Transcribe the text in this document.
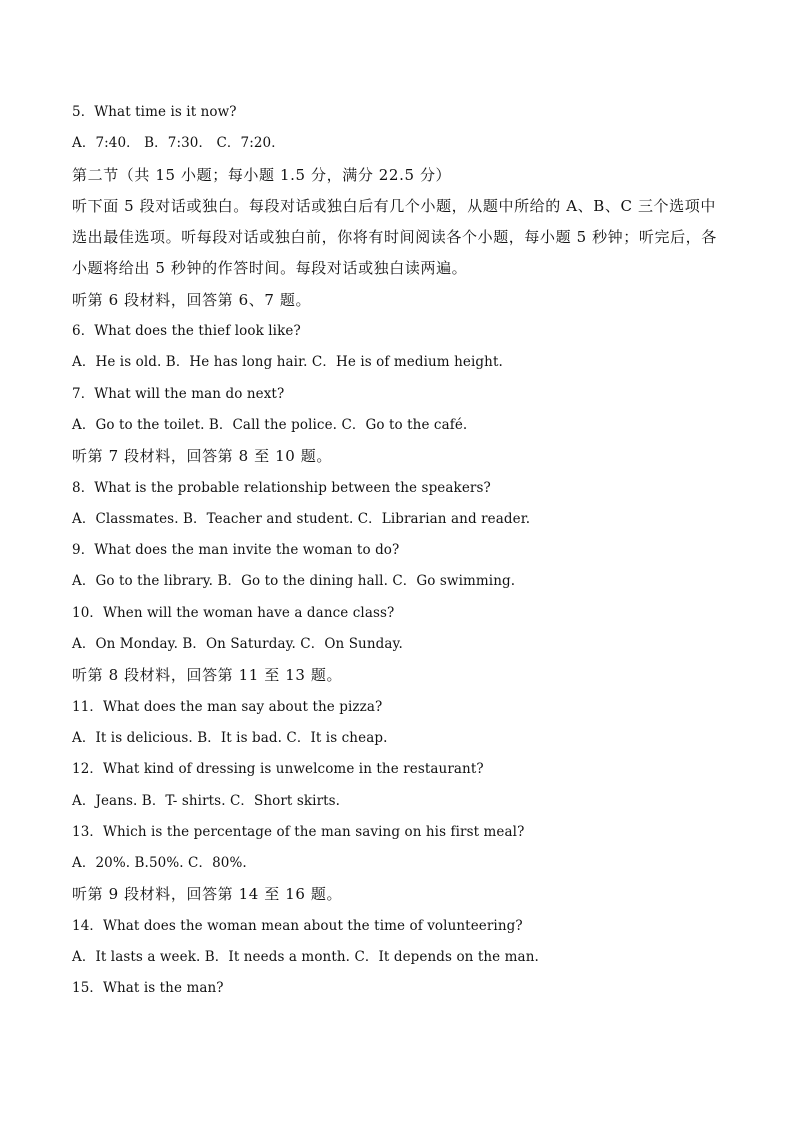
5．What time is it now?
A．7:40． B．7:30． C．7:20．
第二节（共 15 小题；每小题 1.5 分，满分 22.5 分）
听下面 5 段对话或独白。每段对话或独白后有几个小题，从题中所给的 A、B、C 三个选项中
选出最佳选项。听每段对话或独白前，你将有时间阅读各个小题，每小题 5 秒钟；听完后，各
小题将给出 5 秒钟的作答时间。每段对话或独白读两遍。
听第 6 段材料，回答第 6、7 题。
6．What does the thief look like?
A．He is old. B．He has long hair. C．He is of medium height.
7．What will the man do next?
A．Go to the toilet. B．Call the police. C．Go to the café.
听第 7 段材料，回答第 8 至 10 题。
8．What is the probable relationship between the speakers?
A．Classmates. B．Teacher and student. C．Librarian and reader.
9．What does the man invite the woman to do?
A．Go to the library. B．Go to the dining hall. C．Go swimming.
10．When will the woman have a dance class?
A．On Monday. B．On Saturday. C．On Sunday.
听第 8 段材料，回答第 11 至 13 题。
11．What does the man say about the pizza?
A．It is delicious. B．It is bad. C．It is cheap.
12．What kind of dressing is unwelcome in the restaurant?
A．Jeans. B．T- shirts. C．Short skirts.
13．Which is the percentage of the man saving on his first meal?
A．20%. B.50%. C．80%.
听第 9 段材料，回答第 14 至 16 题。
14．What does the woman mean about the time of volunteering?
A．It lasts a week. B．It needs a month. C．It depends on the man.
15．What is the man?
